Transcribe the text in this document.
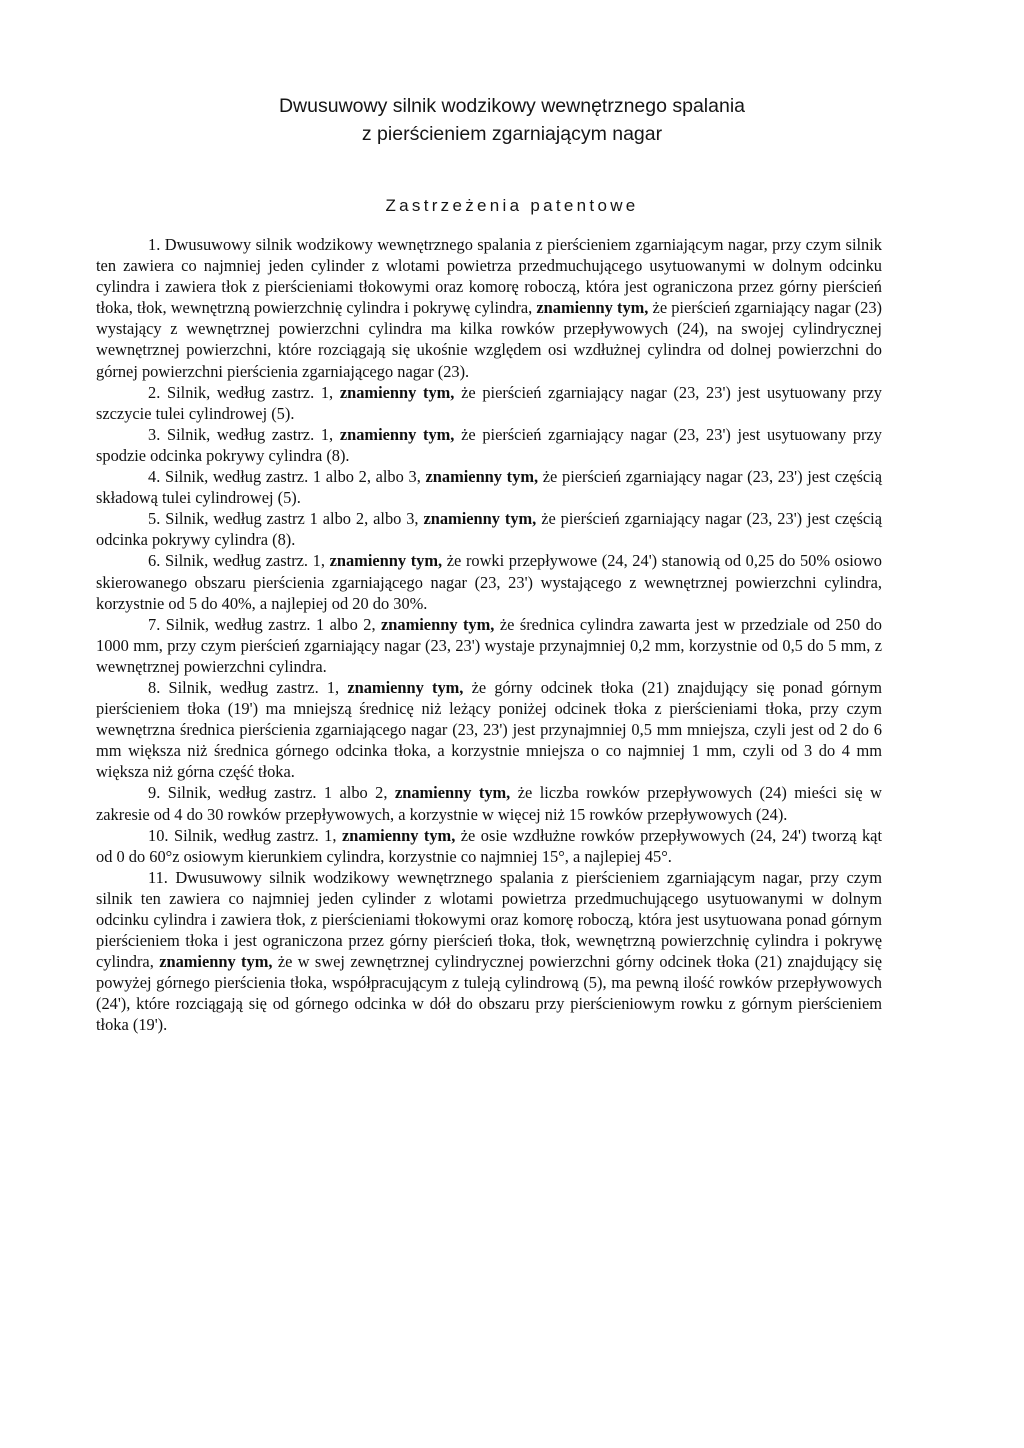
Dwusuwowy silnik wodzikowy wewnętrznego spalania
z pierścieniem zgarniającym nagar
Zastrzeżenia patentowe

1. Dwusuwowy silnik wodzikowy wewnętrznego spalania z pierścieniem zgarniającym nagar, przy czym silnik ten zawiera co najmniej jeden cylinder z wlotami powietrza przedmuchującego usytuowanymi w dolnym odcinku cylindra i zawiera tłok z pierścieniami tłokowymi oraz komorę roboczą, która jest ograniczona przez górny pierścień tłoka, tłok, wewnętrzną powierzchnię cylindra i pokrywę cylindra, znamienny tym, że pierścień zgarniający nagar (23) wystający z wewnętrznej powierzchni cylindra ma kilka rowków przepływowych (24), na swojej cylindrycznej wewnętrznej powierzchni, które rozciągają się ukośnie względem osi wzdłużnej cylindra od dolnej powierzchni do górnej powierzchni pierścienia zgarniającego nagar (23).

2. Silnik, według zastrz. 1, znamienny tym, że pierścień zgarniający nagar (23, 23') jest usytuowany przy szczycie tulei cylindrowej (5).

3. Silnik, według zastrz. 1, znamienny tym, że pierścień zgarniający nagar (23, 23') jest usytuowany przy spodzie odcinka pokrywy cylindra (8).

4. Silnik, według zastrz. 1 albo 2, albo 3, znamienny tym, że pierścień zgarniający nagar (23, 23') jest częścią składową tulei cylindrowej (5).

5. Silnik, według zastrz 1 albo 2, albo 3, znamienny tym, że pierścień zgarniający nagar (23, 23') jest częścią odcinka pokrywy cylindra (8).

6. Silnik, według zastrz. 1, znamienny tym, że rowki przepływowe (24, 24') stanowią od 0,25 do 50% osiowo skierowanego obszaru pierścienia zgarniającego nagar (23, 23') wystającego z wewnętrznej powierzchni cylindra, korzystnie od 5 do 40%, a najlepiej od 20 do 30%.

7. Silnik, według zastrz. 1 albo 2, znamienny tym, że średnica cylindra zawarta jest w przedziale od 250 do 1000 mm, przy czym pierścień zgarniający nagar (23, 23') wystaje przynajmniej 0,2 mm, korzystnie od 0,5 do 5 mm, z wewnętrznej powierzchni cylindra.

8. Silnik, według zastrz. 1, znamienny tym, że górny odcinek tłoka (21) znajdujący się ponad górnym pierścieniem tłoka (19') ma mniejszą średnicę niż leżący poniżej odcinek tłoka z pierścieniami tłoka, przy czym wewnętrzna średnica pierścienia zgarniającego nagar (23, 23') jest przynajmniej 0,5 mm mniejsza, czyli jest od 2 do 6 mm większa niż średnica górnego odcinka tłoka, a korzystnie mniejsza o co najmniej 1 mm, czyli od 3 do 4 mm większa niż górna część tłoka.

9. Silnik, według zastrz. 1 albo 2, znamienny tym, że liczba rowków przepływowych (24) mieści się w zakresie od 4 do 30 rowków przepływowych, a korzystnie w więcej niż 15 rowków przepływowych (24).

10. Silnik, według zastrz. 1, znamienny tym, że osie wzdłużne rowków przepływowych (24, 24') tworzą kąt od 0 do 60°z osiowym kierunkiem cylindra, korzystnie co najmniej 15°, a najlepiej 45°.

11. Dwusuwowy silnik wodzikowy wewnętrznego spalania z pierścieniem zgarniającym nagar, przy czym silnik ten zawiera co najmniej jeden cylinder z wlotami powietrza przedmuchującego usytuowanymi w dolnym odcinku cylindra i zawiera tłok, z pierścieniami tłokowymi oraz komorę roboczą, która jest usytuowana ponad górnym pierścieniem tłoka i jest ograniczona przez górny pierścień tłoka, tłok, wewnętrzną powierzchnię cylindra i pokrywę cylindra, znamienny tym, że w swej zewnętrznej cylindrycznej powierzchni górny odcinek tłoka (21) znajdujący się powyżej górnego pierścienia tłoka, współpracującym z tuleją cylindrową (5), ma pewną ilość rowków przepływowych (24'), które rozciągają się od górnego odcinka w dół do obszaru przy pierścieniowym rowku z górnym pierścieniem tłoka (19').
